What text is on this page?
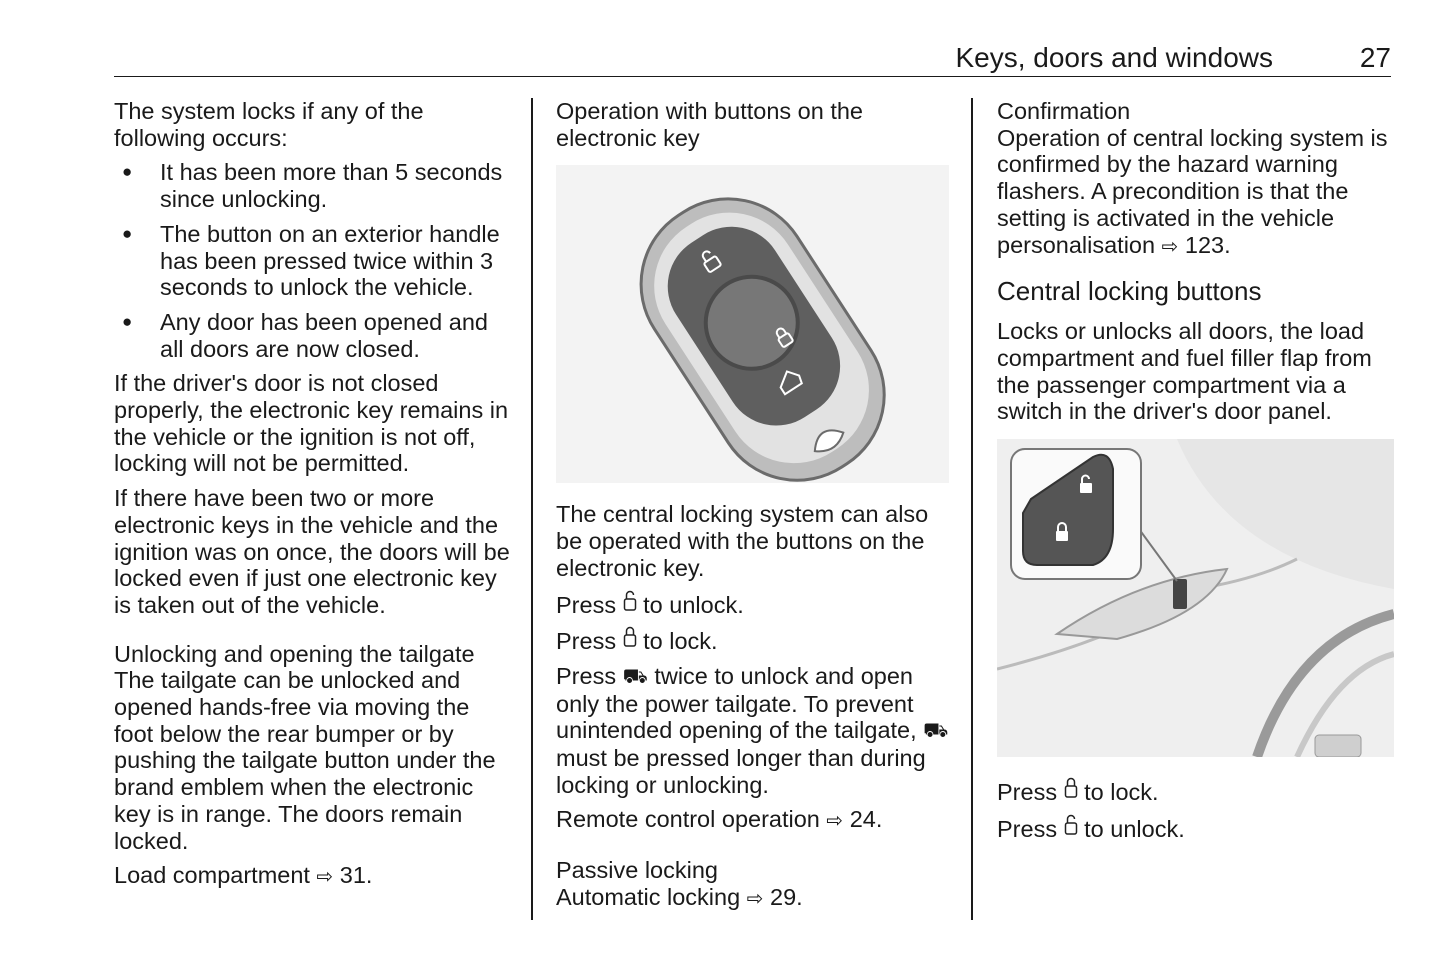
Keys, doors and windows	27

The system locks if any of the following occurs:

● It has been more than 5 seconds since unlocking.
● The button on an exterior handle has been pressed twice within 3 seconds to unlock the vehicle.
● Any door has been opened and all doors are now closed.

If the driver's door is not closed properly, the electronic key remains in the vehicle or the ignition is not off, locking will not be permitted.

If there have been two or more electronic keys in the vehicle and the ignition was on once, the doors will be locked even if just one electronic key is taken out of the vehicle.

Unlocking and opening the tailgate

The tailgate can be unlocked and opened hands-free via moving the foot below the rear bumper or by pushing the tailgate button under the brand emblem when the electronic key is in range. The doors remain locked.

Load compartment ⇨ 31.

Operation with buttons on the electronic key

The central locking system can also be operated with the buttons on the electronic key.

Press to unlock.

Press to lock.

Press ⛟ twice to unlock and open only the power tailgate. To prevent unintended opening of the tailgate, ⛟ must be pressed longer than during locking or unlocking.

Remote control operation ⇨ 24.

Passive locking

Automatic locking ⇨ 29.

Confirmation

Operation of central locking system is confirmed by the hazard warning flashers. A precondition is that the setting is activated in the vehicle personalisation ⇨ 123.

Central locking buttons

Locks or unlocks all doors, the load compartment and fuel filler flap from the passenger compartment via a switch in the driver's door panel.

Press to lock.

Press to unlock.
